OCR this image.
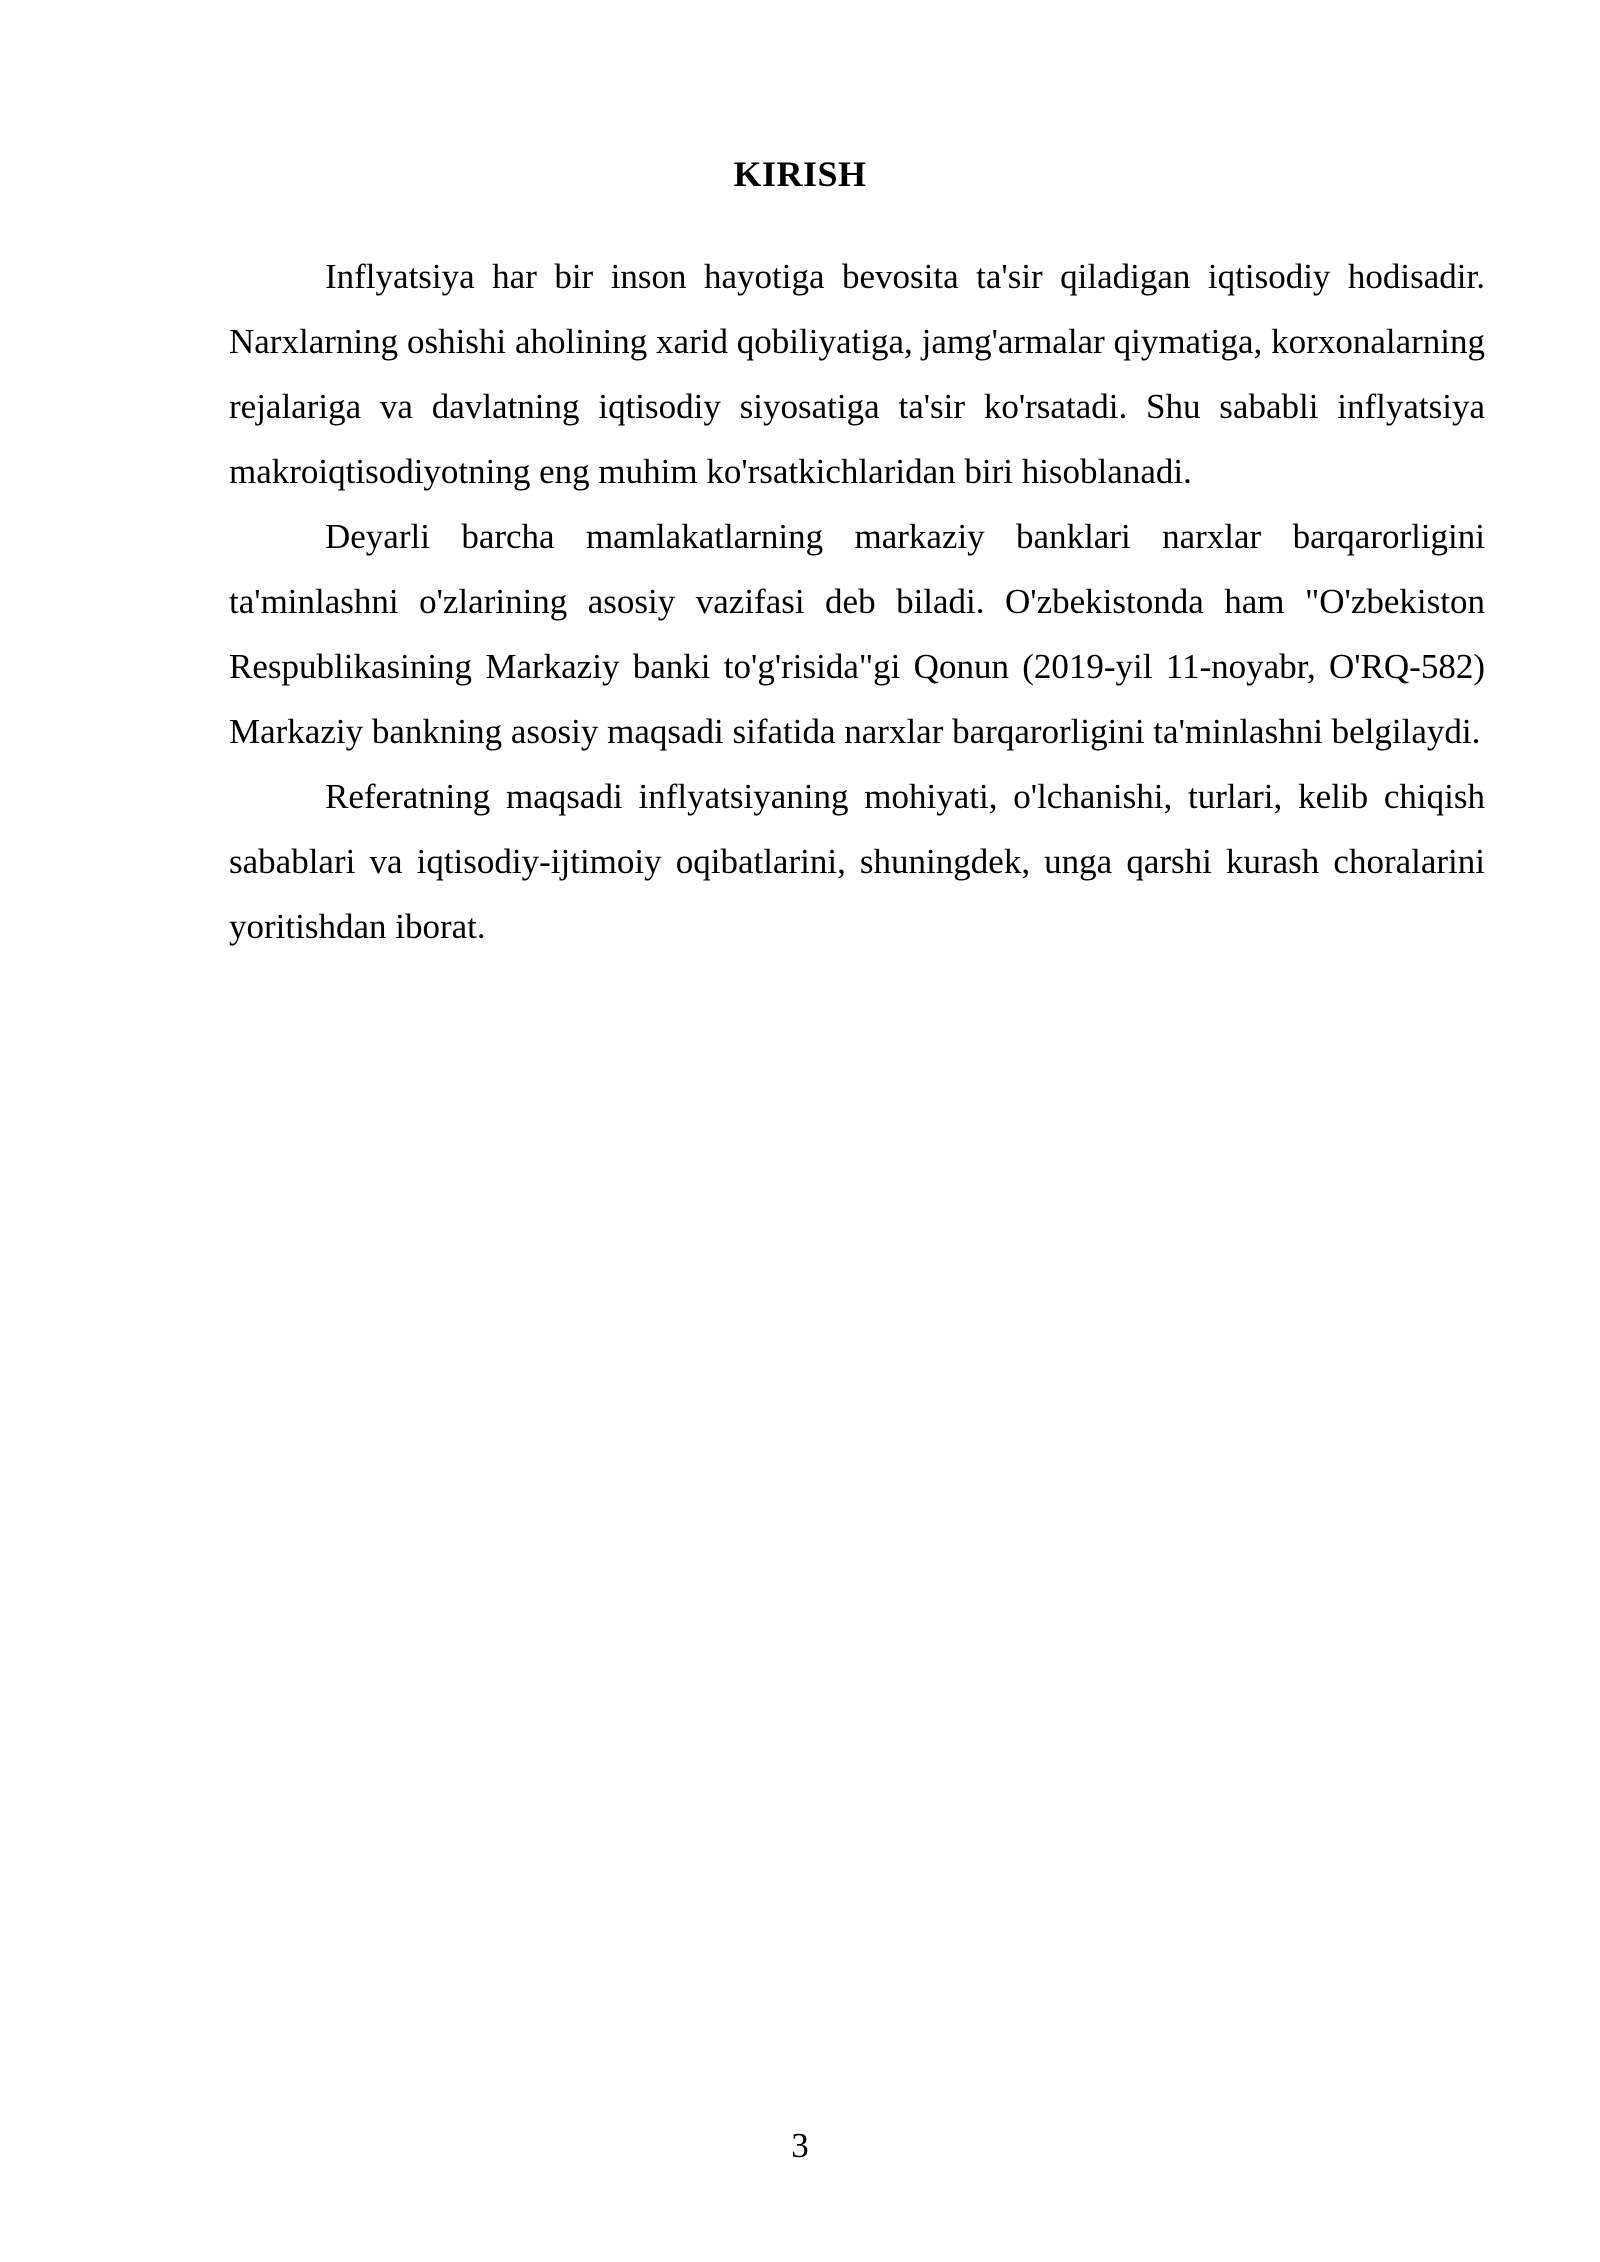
KIRISH

Inflyatsiya har bir inson hayotiga bevosita ta'sir qiladigan iqtisodiy hodisadir. Narxlarning oshishi aholining xarid qobiliyatiga, jamg'armalar qiymatiga, korxonalarning rejalariga va davlatning iqtisodiy siyosatiga ta'sir ko'rsatadi. Shu sababli inflyatsiya makroiqtisodiyotning eng muhim ko'rsatkichlaridan biri hisoblanadi.

Deyarli barcha mamlakatlarning markaziy banklari narxlar barqarorligini ta'minlashni o'zlarining asosiy vazifasi deb biladi. O'zbekistonda ham "O'zbekiston Respublikasining Markaziy banki to'g'risida"gi Qonun (2019-yil 11-noyabr, O'RQ-582) Markaziy bankning asosiy maqsadi sifatida narxlar barqarorligini ta'minlashni belgilaydi.

Referatning maqsadi inflyatsiyaning mohiyati, o'lchanishi, turlari, kelib chiqish sabablari va iqtisodiy-ijtimoiy oqibatlarini, shuningdek, unga qarshi kurash choralarini yoritishdan iborat.

3
